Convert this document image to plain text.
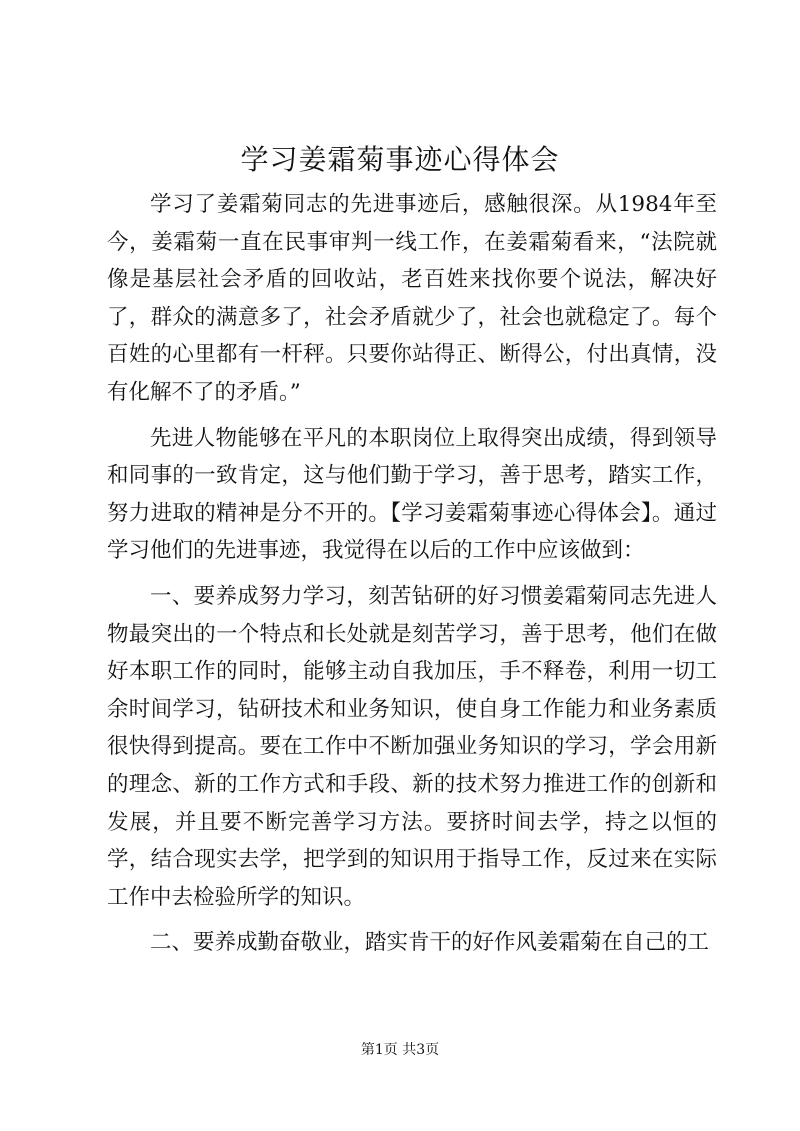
学习姜霜菊事迹心得体会

学习了姜霜菊同志的先进事迹后，感触很深。从1984年至今，姜霜菊一直在民事审判一线工作，在姜霜菊看来，“法院就像是基层社会矛盾的回收站，老百姓来找你要个说法，解决好了，群众的满意多了，社会矛盾就少了，社会也就稳定了。每个百姓的心里都有一杆秤。只要你站得正、断得公，付出真情，没有化解不了的矛盾。”

先进人物能够在平凡的本职岗位上取得突出成绩，得到领导和同事的一致肯定，这与他们勤于学习，善于思考，踏实工作，努力进取的精神是分不开的。【学习姜霜菊事迹心得体会】。通过学习他们的先进事迹，我觉得在以后的工作中应该做到：

一、要养成努力学习，刻苦钻研的好习惯姜霜菊同志先进人物最突出的一个特点和长处就是刻苦学习，善于思考，他们在做好本职工作的同时，能够主动自我加压，手不释卷，利用一切工余时间学习，钻研技术和业务知识，使自身工作能力和业务素质很快得到提高。要在工作中不断加强业务知识的学习，学会用新的理念、新的工作方式和手段、新的技术努力推进工作的创新和发展，并且要不断完善学习方法。要挤时间去学，持之以恒的学，结合现实去学，把学到的知识用于指导工作，反过来在实际工作中去检验所学的知识。

二、要养成勤奋敬业，踏实肯干的好作风姜霜菊在自己的工

第1页 共3页
